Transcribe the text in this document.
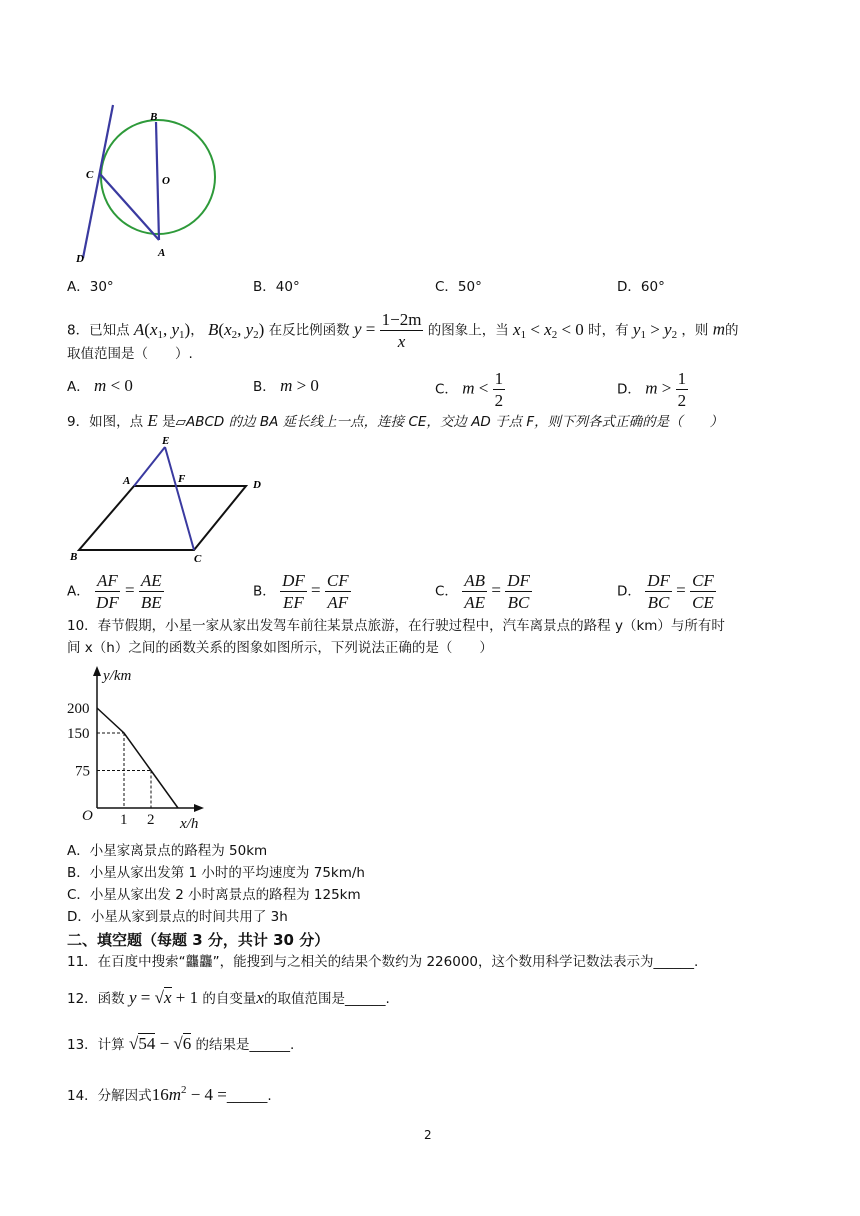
B
C	O
A
D
A．30°	B．40°	C．50°	D．60°
8．已知点 $A(x_1$, $y_1$)， $B(x_2$, $y_2$) 在反比例函数 $y = \frac{1-2m}{x}$ 的图象上，当 $x_1 < x_2 < 0$ 时，有 $y_1 > y_2$ ，则 m的
取值范围是（　　）.
A． m < 0	B． m > 0	C． $m < \frac{1}{2}$	D． $m > \frac{1}{2}$
9．如图，点 E 是▱ABCD 的边 BA 延长线上一点，连接 CE，交边 AD 于点 F，则下列各式正确的是（　　）
E
A	F	D
B	C
A． $\frac{AF}{DF} = \frac{AE}{BE}$	B． $\frac{DF}{EF} = \frac{CF}{AF}$	C． $\frac{AB}{AE} = \frac{DF}{BC}$	D． $\frac{DF}{BC} = \frac{CF}{CE}$
10．春节假期，小星一家从家出发驾车前往某景点旅游，在行驶过程中，汽车离景点的路程 y（km）与所有时
间 x（h）之间的函数关系的图象如图所示，下列说法正确的是（　　）
y/km
x/h
O
75
150
200
1 2
A．小星家离景点的路程为 50km
B．小星从家出发第 1 小时的平均速度为 75km/h
C．小星从家出发 2 小时离景点的路程为 125km
D．小星从家到景点的时间共用了 3h
二、填空题（每题 3 分，共计 30 分）
11．在百度中搜索“龘龘”，能搜到与之相关的结果个数约为 226000，这个数用科学记数法表示为______.
12．函数 y = √x + 1 的自变量x的取值范围是______.
13．计算 √54 − √6 的结果是______.
14．分解因式$16m^2 - 4$ =______.
2
